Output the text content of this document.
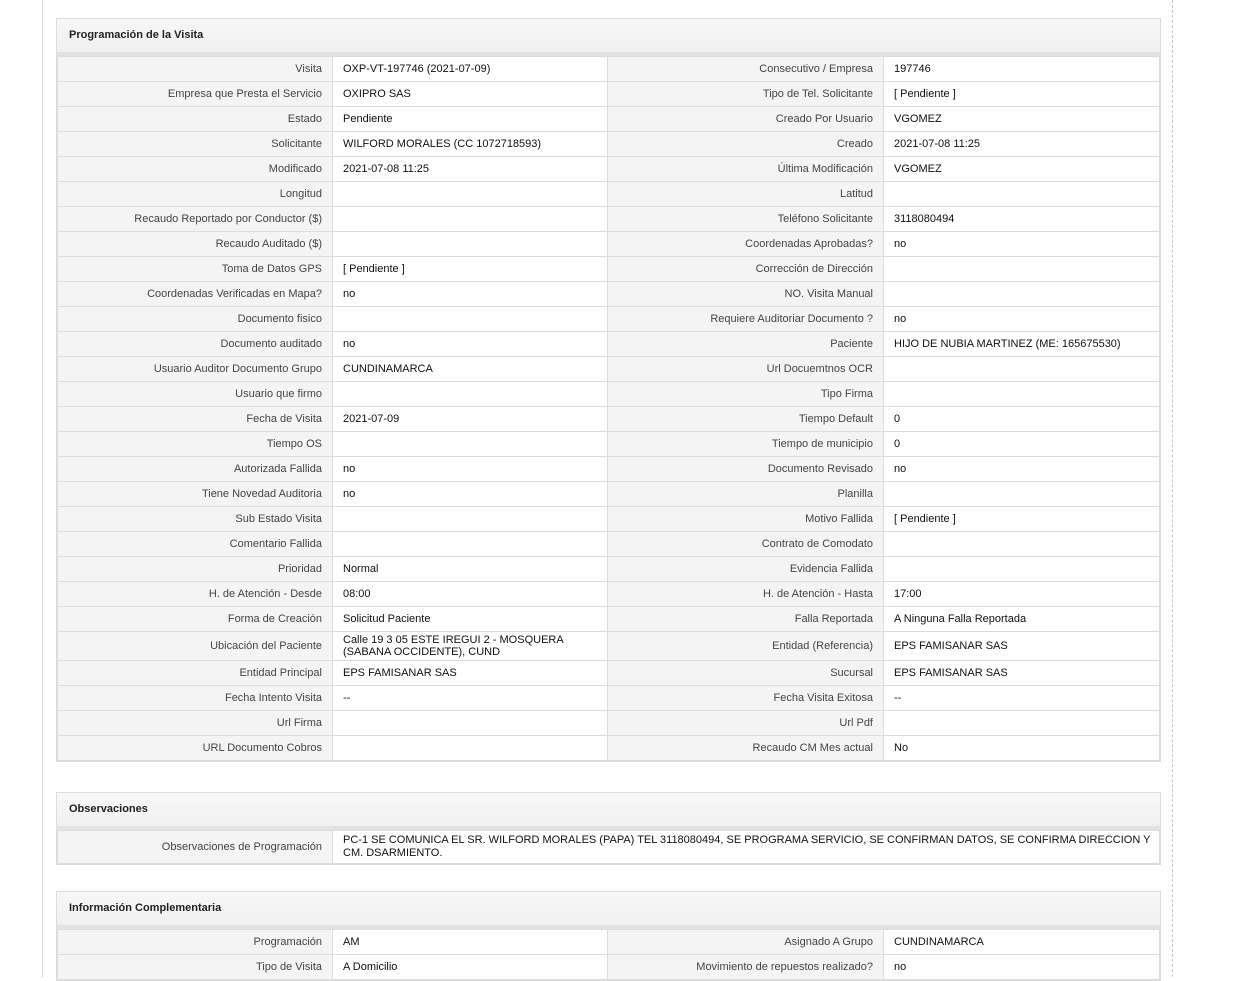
Programación de la Visita
Visita	OXP-VT-197746 (2021-07-09)	Consecutivo / Empresa	197746
Empresa que Presta el Servicio	OXIPRO SAS	Tipo de Tel. Solicitante	[ Pendiente ]
Estado	Pendiente	Creado Por Usuario	VGOMEZ
Solicitante	WILFORD MORALES (CC 1072718593)	Creado	2021-07-08 11:25
Modificado	2021-07-08 11:25	Última Modificación	VGOMEZ
Longitud		Latitud	
Recaudo Reportado por Conductor ($)		Teléfono Solicitante	3118080494
Recaudo Auditado ($)		Coordenadas Aprobadas?	no
Toma de Datos GPS	[ Pendiente ]	Corrección de Dirección	
Coordenadas Verificadas en Mapa?	no	NO. Visita Manual	
Documento fisico		Requiere Auditoriar Documento ?	no
Documento auditado	no	Paciente	HIJO DE NUBIA MARTINEZ (ME: 165675530)
Usuario Auditor Documento Grupo	CUNDINAMARCA	Url Docuemtnos OCR	
Usuario que firmo		Tipo Firma	
Fecha de Visita	2021-07-09	Tiempo Default	0
Tiempo OS		Tiempo de municipio	0
Autorizada Fallida	no	Documento Revisado	no
Tiene Novedad Auditoria	no	Planilla	
Sub Estado Visita		Motivo Fallida	[ Pendiente ]
Comentario Fallida		Contrato de Comodato	
Prioridad	Normal	Evidencia Fallida	
H. de Atención - Desde	08:00	H. de Atención - Hasta	17:00
Forma de Creación	Solicitud Paciente	Falla Reportada	A Ninguna Falla Reportada
Ubicación del Paciente	Calle 19 3 05 ESTE IREGUI 2 - MOSQUERA (SABANA OCCIDENTE), CUND	Entidad (Referencia)	EPS FAMISANAR SAS
Entidad Principal	EPS FAMISANAR SAS	Sucursal	EPS FAMISANAR SAS
Fecha Intento Visita	--	Fecha Visita Exitosa	--
Url Firma		Url Pdf	
URL Documento Cobros		Recaudo CM Mes actual	No
Observaciones
Observaciones de Programación	PC-1 SE COMUNICA EL SR. WILFORD MORALES (PAPA) TEL 3118080494, SE PROGRAMA SERVICIO, SE CONFIRMAN DATOS, SE CONFIRMA DIRECCION Y CM. DSARMIENTO.
Información Complementaria
Programación	AM	Asignado A Grupo	CUNDINAMARCA
Tipo de Visita	A Domicilio	Movimiento de repuestos realizado?	no
